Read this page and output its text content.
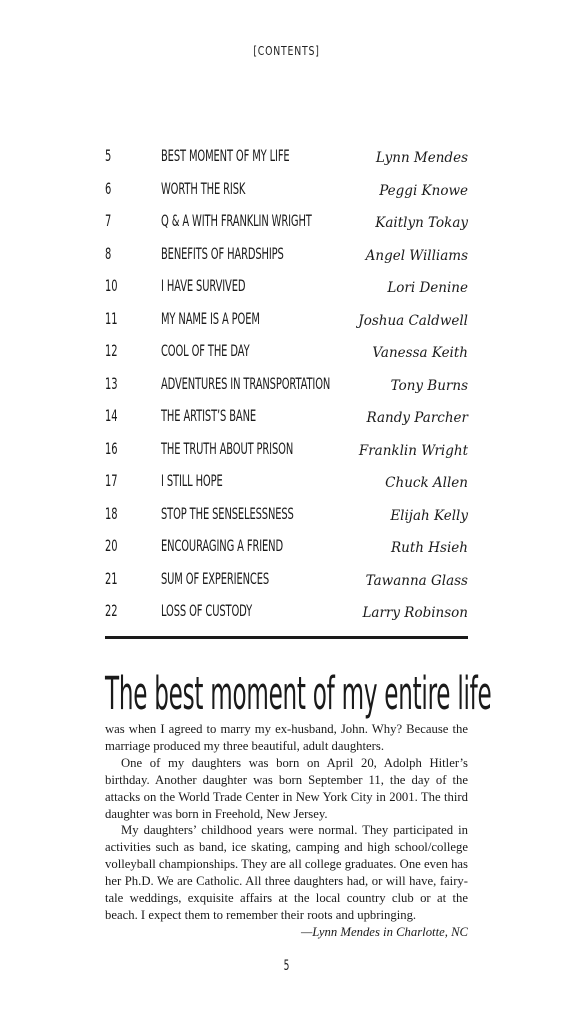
[CONTENTS]
5	BEST MOMENT OF MY LIFE	Lynn Mendes
6	WORTH THE RISK	Peggi Knowe
7	Q & A WITH FRANKLIN WRIGHT	Kaitlyn Tokay
8	BENEFITS OF HARDSHIPS	Angel Williams
10	I HAVE SURVIVED	Lori Denine
11	MY NAME IS A POEM	Joshua Caldwell
12	COOL OF THE DAY	Vanessa Keith
13	ADVENTURES IN TRANSPORTATION	Tony Burns
14	THE ARTIST’S BANE	Randy Parcher
16	THE TRUTH ABOUT PRISON	Franklin Wright
17	I STILL HOPE	Chuck Allen
18	STOP THE SENSELESSNESS	Elijah Kelly
20	ENCOURAGING A FRIEND	Ruth Hsieh
21	SUM OF EXPERIENCES	Tawanna Glass
22	LOSS OF CUSTODY	Larry Robinson
The best moment of my entire life

was when I agreed to marry my ex-husband, John. Why? Because the marriage produced my three beautiful, adult daughters.

One of my daughters was born on April 20, Adolph Hitler’s birthday. Another daughter was born September 11, the day of the attacks on the World Trade Center in New York City in 2001. The third daughter was born in Freehold, New Jersey.

My daughters’ childhood years were normal. They participated in activities such as band, ice skating, camping and high school/college volleyball championships. They are all college graduates. One even has her Ph.D. We are Catholic. All three daughters had, or will have, fairy-tale weddings, exquisite affairs at the local country club or at the beach. I expect them to remember their roots and upbringing.

—Lynn Mendes in Charlotte, NC

5
